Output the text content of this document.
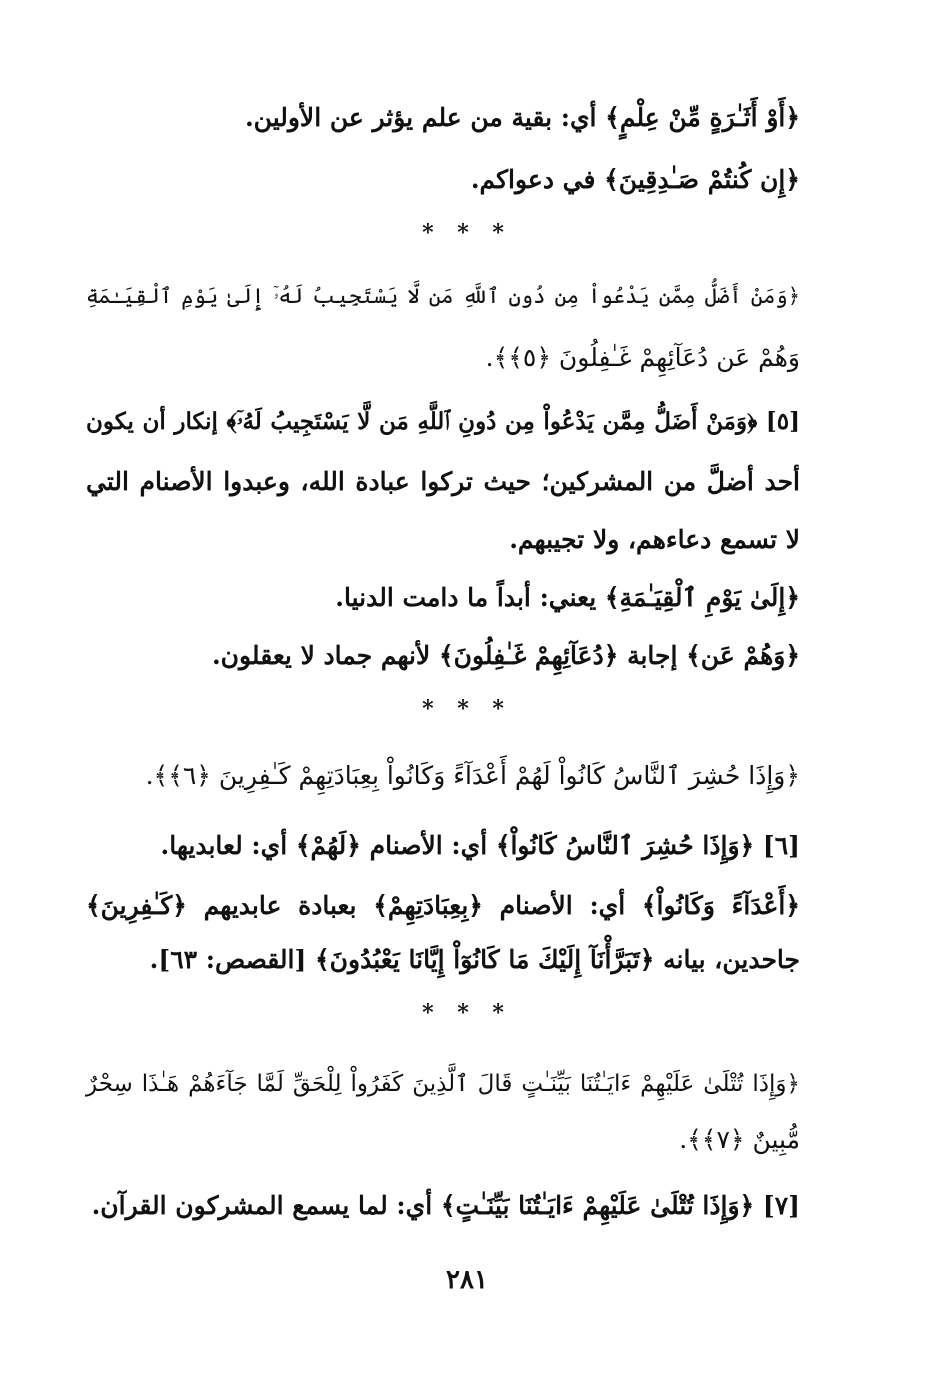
﴿أَوْ أَثَـٰرَةٍ مِّنْ عِلْمٍ﴾ أي: بقية من علم يؤثر عن الأولين.
﴿إِن كُنتُمْ صَـٰدِقِينَ﴾ في دعواكم.
* * *
﴿وَمَنْ أَضَلُّ مِمَّن يَدْعُواْ مِن دُونِ ٱللَّهِ مَن لَّا يَسْتَجِيبُ لَهُۥٓ إِلَىٰ يَوْمِ ٱلْقِيَـٰمَةِ
وَهُمْ عَن دُعَآئِهِمْ غَـٰفِلُونَ ﴿٥﴾﴾.
[٥] ﴿وَمَنْ أَضَلُّ مِمَّن يَدْعُواْ مِن دُونِ ٱللَّهِ مَن لَّا يَسْتَجِيبُ لَهُۥٓ﴾ إنكار أن يكون
أحد أضلَّ من المشركين؛ حيث تركوا عبادة الله، وعبدوا الأصنام التي
لا تسمع دعاءهم، ولا تجيبهم.
﴿إِلَىٰ يَوْمِ ٱلْقِيَـٰمَةِ﴾ يعني: أبداً ما دامت الدنيا.
﴿وَهُمْ عَن﴾ إجابة ﴿دُعَآئِهِمْ غَـٰفِلُونَ﴾ لأنهم جماد لا يعقلون.
* * *
﴿وَإِذَا حُشِرَ ٱلنَّاسُ كَانُواْ لَهُمْ أَعْدَآءً وَكَانُواْ بِعِبَادَتِهِمْ كَـٰفِرِينَ ﴿٦﴾﴾.
[٦] ﴿وَإِذَا حُشِرَ ٱلنَّاسُ كَانُواْ﴾ أي: الأصنام ﴿لَهُمْ﴾ أي: لعابديها.
﴿أَعْدَآءً وَكَانُواْ﴾ أي: الأصنام ﴿بِعِبَادَتِهِمْ﴾ بعبادة عابديهم ﴿كَـٰفِرِينَ﴾
جاحدين، بيانه ﴿تَبَرَّأْنَآ إِلَيْكَ مَا كَانُوٓاْ إِيَّانَا يَعْبُدُونَ﴾ [القصص: ٦٣].
* * *
﴿وَإِذَا تُتْلَىٰ عَلَيْهِمْ ءَايَـٰتُنَا بَيِّنَـٰتٍ قَالَ ٱلَّذِينَ كَفَرُواْ لِلْحَقِّ لَمَّا جَآءَهُمْ هَـٰذَا سِحْرٌ
مُّبِينٌ ﴿٧﴾﴾.
[٧] ﴿وَإِذَا تُتْلَىٰ عَلَيْهِمْ ءَايَـٰتُنَا بَيِّنَـٰتٍ﴾ أي: لما يسمع المشركون القرآن.
٢٨١
